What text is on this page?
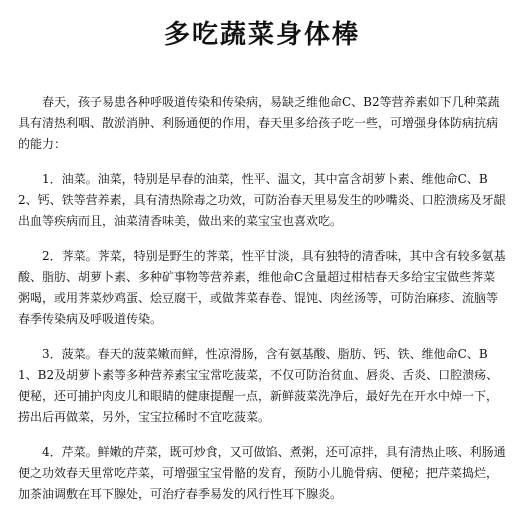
多吃蔬菜身体棒

春天，孩子易患各种呼吸道传染和传染病，易缺乏维他命C、B2等营养素如下几种菜蔬具有清热利咽、散淤消肿、利肠通便的作用，春天里多给孩子吃一些，可增强身体防病抗病的能力：

1．油菜。油菜，特别是早春的油菜，性平、温文，其中富含胡萝卜素、维他命C、B2、钙、铁等营养素，具有清热除毒之功效，可防治春天里易发生的吵嘴炎、口腔溃疡及牙龈出血等疾病而且，油菜清香味美，做出来的菜宝宝也喜欢吃。

2．荠菜。荠菜，特别是野生的荠菜，性平甘淡，具有独特的清香味，其中含有较多氨基酸、脂肪、胡萝卜素、多种矿事物等营养素，维他命C含量超过柑桔春天多给宝宝做些荠菜粥喝，或用荠菜炒鸡蛋、烩豆腐干，或做荠菜春卷、馄饨、肉丝汤等，可防治麻疹、流脑等春季传染病及呼吸道传染。

3．菠菜。春天的菠菜嫩而鲜，性凉滑肠，含有氨基酸、脂肪、钙、铁、维他命C、B1、B2及胡萝卜素等多种营养素宝宝常吃菠菜，不仅可防治贫血、唇炎、舌炎、口腔溃疡、便秘，还可捕护肉皮儿和眼睛的健康提醒一点，新鲜菠菜洗净后，最好先在开水中焯一下，捞出后再做菜，另外，宝宝拉稀时不宜吃菠菜。

4．芹菜。鲜嫩的芹菜，既可炒食，又可做馅、煮粥，还可凉拌，具有清热止咳、利肠通便之功效春天里常吃芹菜，可增强宝宝骨骼的发育，预防小儿脆骨病、便秘；把芹菜捣烂，加茶油调敷在耳下腺处，可治疗春季易发的风行性耳下腺炎。
